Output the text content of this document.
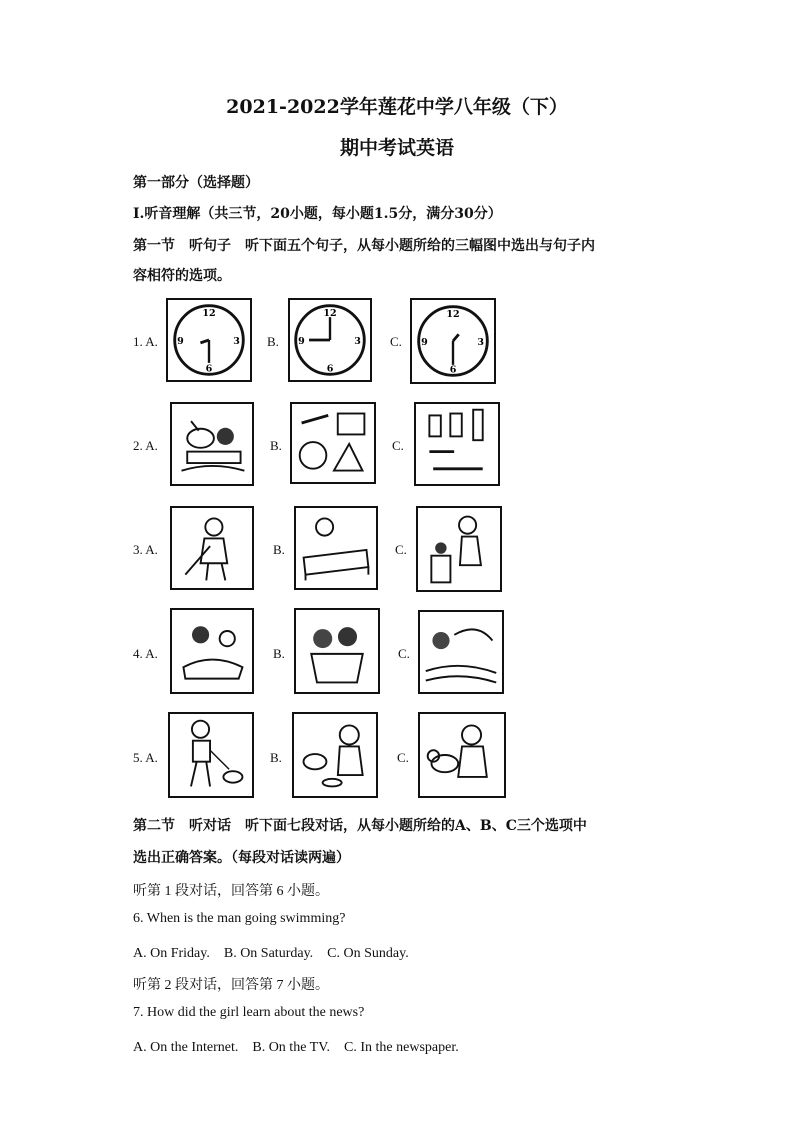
2021-2022学年莲花中学八年级（下）
期中考试英语
第一部分（选择题）
Ⅰ.听音理解（共三节，20小题，每小题1.5分，满分30分）
第一节　听句子　听下面五个句子，从每小题所给的三幅图中选出与句子内
容相符的选项。
1. A.
12
3
6
9	B.
12
3
6
9	C.
12
3
6
9
2. A.	B.	C.
3. A.	B.	C.
4. A.	B.	C.
5. A.	B.	C.
第二节　听对话　听下面七段对话，从每小题所给的A、B、C三个选项中
选出正确答案。（每段对话读两遍）
听第 1 段对话，回答第 6 小题。
6. When is the man going swimming?
A. On Friday.　B. On Saturday.　C. On Sunday.
听第 2 段对话，回答第 7 小题。
7. How did the girl learn about the news?
A. On the Internet.　B. On the TV.　C. In the newspaper.
